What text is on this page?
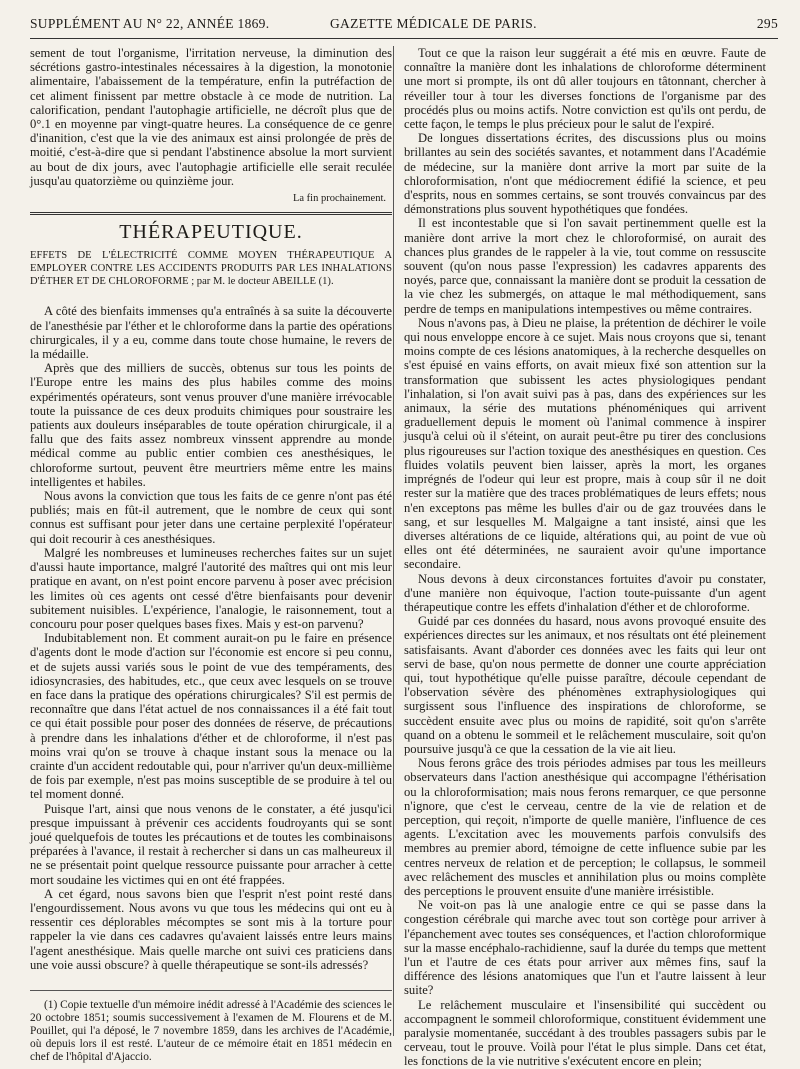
SUPPLÉMENT AU N° 22, ANNÉE 1869.	GAZETTE MÉDICALE DE PARIS.	295

sement de tout l'organisme, l'irritation nerveuse, la diminution des sécrétions gastro-intestinales nécessaires à la digestion, la monotonie alimentaire, l'abaissement de la température, enfin la putréfaction de cet aliment finissent par mettre obstacle à ce mode de nutrition. La calorification, pendant l'autophagie artificielle, ne décroît plus que de 0°.1 en moyenne par vingt-quatre heures. La conséquence de ce genre d'inanition, c'est que la vie des animaux est ainsi prolongée de près de moitié, c'est-à-dire que si pendant l'abstinence absolue la mort survient au bout de dix jours, avec l'autophagie artificielle elle serait reculée jusqu'au quatorzième ou quinzième jour.

La fin prochainement.
THÉRAPEUTIQUE.

EFFETS DE L'ÉLECTRICITÉ COMME MOYEN THÉRAPEUTIQUE A EMPLOYER CONTRE LES ACCIDENTS PRODUITS PAR LES INHALATIONS D'ÉTHER ET DE CHLOROFORME ; par M. le docteur ABEILLE (1).

A côté des bienfaits immenses qu'a entraînés à sa suite la découverte de l'anesthésie par l'éther et le chloroforme dans la partie des opérations chirurgicales, il y a eu, comme dans toute chose humaine, le revers de la médaille.

Après que des milliers de succès, obtenus sur tous les points de l'Europe entre les mains des plus habiles comme des moins expérimentés opérateurs, sont venus prouver d'une manière irrévocable toute la puissance de ces deux produits chimiques pour soustraire les patients aux douleurs inséparables de toute opération chirurgicale, il a fallu que des faits assez nombreux vinssent apprendre au monde médical comme au public entier combien ces anesthésiques, le chloroforme surtout, peuvent être meurtriers même entre les mains intelligentes et habiles.

Nous avons la conviction que tous les faits de ce genre n'ont pas été publiés; mais en fût-il autrement, que le nombre de ceux qui sont connus est suffisant pour jeter dans une certaine perplexité l'opérateur qui doit recourir à ces anesthésiques.

Malgré les nombreuses et lumineuses recherches faites sur un sujet d'aussi haute importance, malgré l'autorité des maîtres qui ont mis leur pratique en avant, on n'est point encore parvenu à poser avec précision les limites où ces agents ont cessé d'être bienfaisants pour devenir subitement nuisibles. L'expérience, l'analogie, le raisonnement, tout a concouru pour poser quelques bases fixes. Mais y est-on parvenu?

Indubitablement non. Et comment aurait-on pu le faire en présence d'agents dont le mode d'action sur l'économie est encore si peu connu, et de sujets aussi variés sous le point de vue des tempéraments, des idiosyncrasies, des habitudes, etc., que ceux avec lesquels on se trouve en face dans la pratique des opérations chirurgicales? S'il est permis de reconnaître que dans l'état actuel de nos connaissances il a été fait tout ce qui était possible pour poser des données de réserve, de précautions à prendre dans les inhalations d'éther et de chloroforme, il n'est pas moins vrai qu'on se trouve à chaque instant sous la menace ou la crainte d'un accident redoutable qui, pour n'arriver qu'un deux-millième de fois par exemple, n'est pas moins susceptible de se produire à tel ou tel moment donné.

Puisque l'art, ainsi que nous venons de le constater, a été jusqu'ici presque impuissant à prévenir ces accidents foudroyants qui se sont joué quelquefois de toutes les précautions et de toutes les combinaisons préparées à l'avance, il restait à rechercher si dans un cas malheureux il ne se présentait point quelque ressource puissante pour arracher à cette mort soudaine les victimes qui en ont été frappées.

A cet égard, nous savons bien que l'esprit n'est point resté dans l'engourdissement. Nous avons vu que tous les médecins qui ont eu à ressentir ces déplorables mécomptes se sont mis à la torture pour rappeler la vie dans ces cadavres qu'avaient laissés entre leurs mains l'agent anesthésique. Mais quelle marche ont suivi ces praticiens dans une voie aussi obscure? à quelle thérapeutique se sont-ils adressés?

(1) Copie textuelle d'un mémoire inédit adressé à l'Académie des sciences le 20 octobre 1851; soumis successivement à l'examen de M. Flourens et de M. Pouillet, qui l'a déposé, le 7 novembre 1859, dans les archives de l'Académie, où depuis lors il est resté. L'auteur de ce mémoire était en 1851 médecin en chef de l'hôpital d'Ajaccio.

Tout ce que la raison leur suggérait a été mis en œuvre. Faute de connaître la manière dont les inhalations de chloroforme déterminent une mort si prompte, ils ont dû aller toujours en tâtonnant, chercher à réveiller tour à tour les diverses fonctions de l'organisme par des procédés plus ou moins actifs. Notre conviction est qu'ils ont perdu, de cette façon, le temps le plus précieux pour le salut de l'expiré.

De longues dissertations écrites, des discussions plus ou moins brillantes au sein des sociétés savantes, et notamment dans l'Académie de médecine, sur la manière dont arrive la mort par suite de la chloroformisation, n'ont que médiocrement édifié la science, et peu d'esprits, nous en sommes certains, se sont trouvés convaincus par des démonstrations plus souvent hypothétiques que fondées.

Il est incontestable que si l'on savait pertinemment quelle est la manière dont arrive la mort chez le chloroformisé, on aurait des chances plus grandes de le rappeler à la vie, tout comme on ressuscite souvent (qu'on nous passe l'expression) les cadavres apparents des noyés, parce que, connaissant la manière dont se produit la cessation de la vie chez les submergés, on attaque le mal méthodiquement, sans perdre de temps en manipulations intempestives ou même contraires.

Nous n'avons pas, à Dieu ne plaise, la prétention de déchirer le voile qui nous enveloppe encore à ce sujet. Mais nous croyons que si, tenant moins compte de ces lésions anatomiques, à la recherche desquelles on s'est épuisé en vains efforts, on avait mieux fixé son attention sur la transformation que subissent les actes physiologiques pendant l'inhalation, si l'on avait suivi pas à pas, dans des expériences sur les animaux, la série des mutations phénoméniques qui arrivent graduellement depuis le moment où l'animal commence à inspirer jusqu'à celui où il s'éteint, on aurait peut-être pu tirer des conclusions plus rigoureuses sur l'action toxique des anesthésiques en question. Ces fluides volatils peuvent bien laisser, après la mort, les organes imprégnés de l'odeur qui leur est propre, mais à coup sûr il ne doit rester sur la matière que des traces problématiques de leurs effets; nous n'en exceptons pas même les bulles d'air ou de gaz trouvées dans le sang, et sur lesquelles M. Malgaigne a tant insisté, ainsi que les diverses altérations de ce liquide, altérations qui, au point de vue où elles ont été déterminées, ne sauraient avoir qu'une importance secondaire.

Nous devons à deux circonstances fortuites d'avoir pu constater, d'une manière non équivoque, l'action toute-puissante d'un agent thérapeutique contre les effets d'inhalation d'éther et de chloroforme.

Guidé par ces données du hasard, nous avons provoqué ensuite des expériences directes sur les animaux, et nos résultats ont été pleinement satisfaisants. Avant d'aborder ces données avec les faits qui leur ont servi de base, qu'on nous permette de donner une courte appréciation qui, tout hypothétique qu'elle puisse paraître, découle cependant de l'observation sévère des phénomènes extraphysiologiques qui surgissent sous l'influence des inspirations de chloroforme, se succèdent ensuite avec plus ou moins de rapidité, soit qu'on s'arrête quand on a obtenu le sommeil et le relâchement musculaire, soit qu'on poursuive jusqu'à ce que la cessation de la vie ait lieu.

Nous ferons grâce des trois périodes admises par tous les meilleurs observateurs dans l'action anesthésique qui accompagne l'éthérisation ou la chloroformisation; mais nous ferons remarquer, ce que personne n'ignore, que c'est le cerveau, centre de la vie de relation et de perception, qui reçoit, n'importe de quelle manière, l'influence de ces agents. L'excitation avec les mouvements parfois convulsifs des membres au premier abord, témoigne de cette influence subie par les centres nerveux de relation et de perception; le collapsus, le sommeil avec relâchement des muscles et annihilation plus ou moins complète des perceptions le prouvent ensuite d'une manière irrésistible.

Ne voit-on pas là une analogie entre ce qui se passe dans la congestion cérébrale qui marche avec tout son cortège pour arriver à l'épanchement avec toutes ses conséquences, et l'action chloroformique sur la masse encéphalo-rachidienne, sauf la durée du temps que mettent l'un et l'autre de ces états pour arriver aux mêmes fins, sauf la différence des lésions anatomiques que l'un et l'autre laissent à leur suite?

Le relâchement musculaire et l'insensibilité qui succèdent ou accompagnent le sommeil chloroformique, constituent évidemment une paralysie momentanée, succédant à des troubles passagers subis par le cerveau, tout le prouve. Voilà pour l'état le plus simple. Dans cet état, les fonctions de la vie nutritive s'exécutent encore en plein;
